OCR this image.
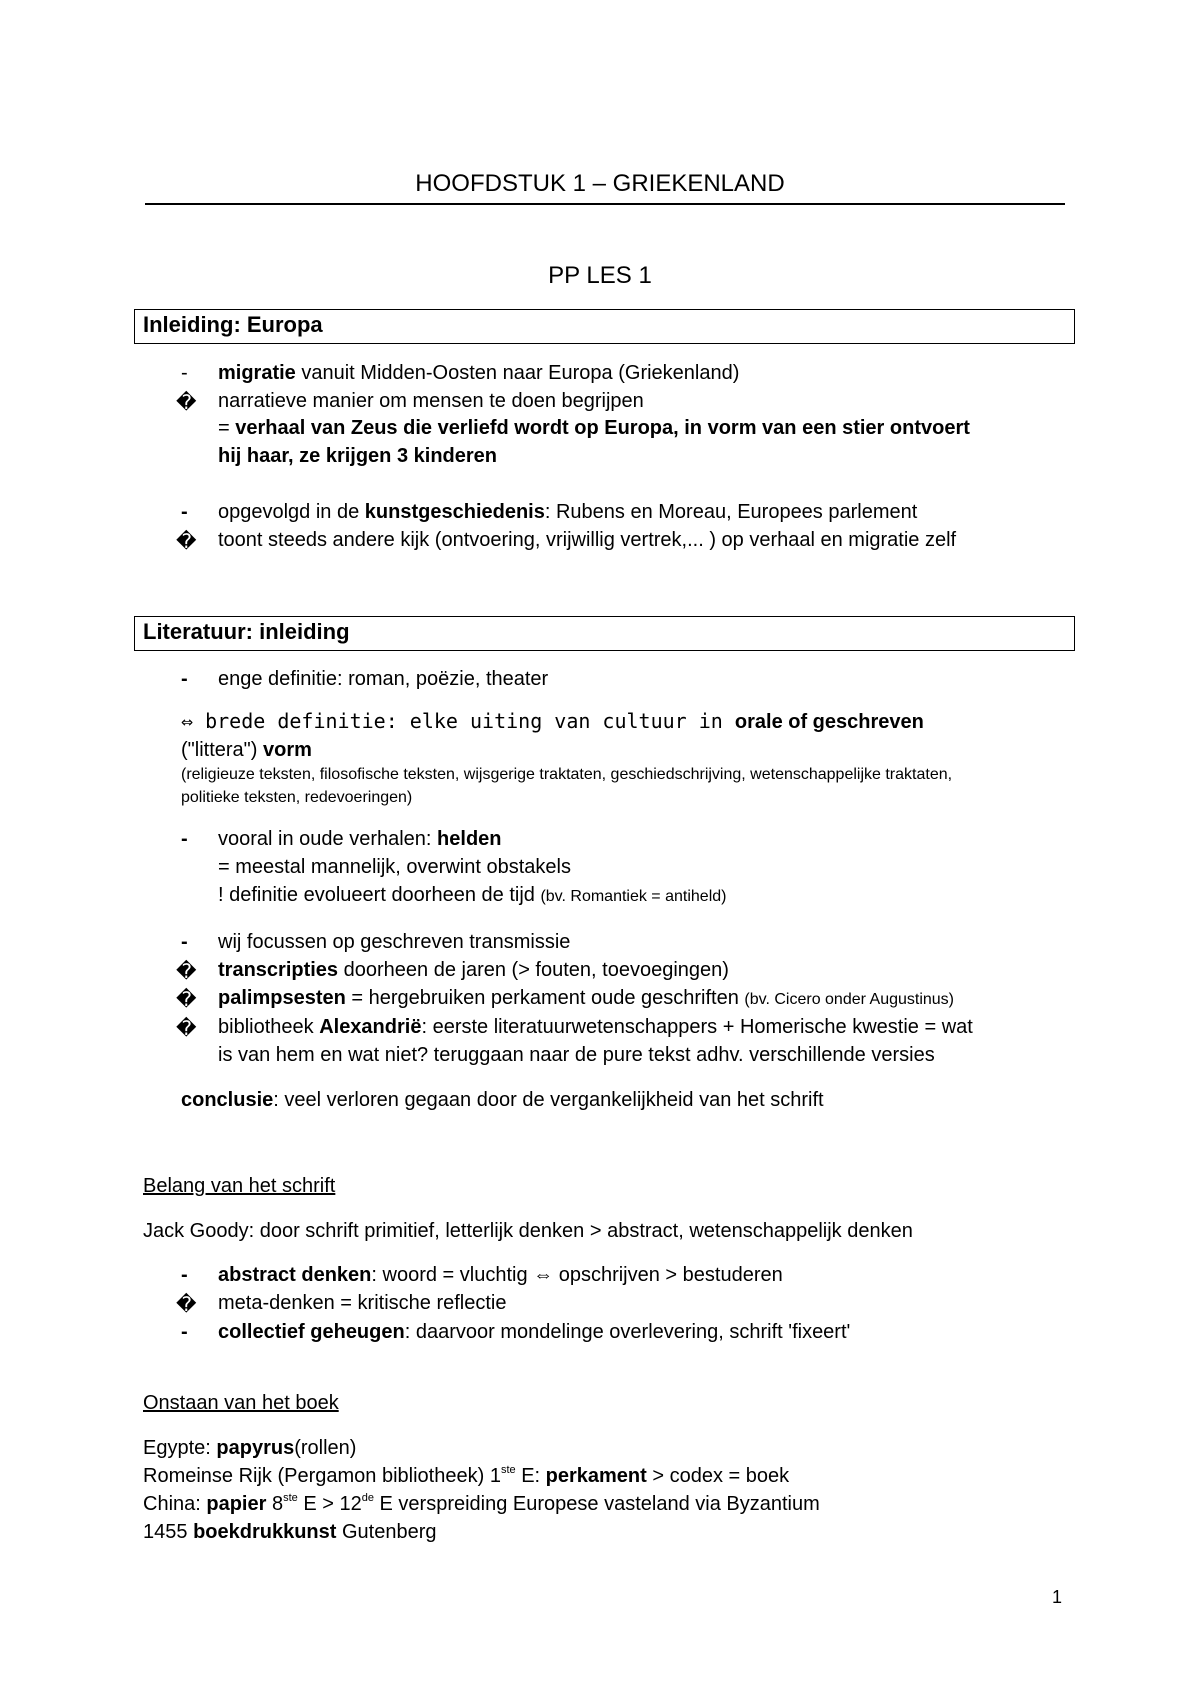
HOOFDSTUK 1 – GRIEKENLAND
PP LES 1
Inleiding: Europa
-	migratie vanuit Midden-Oosten naar Europa (Griekenland)
�	narratieve manier om mensen te doen begrijpen
= verhaal van Zeus die verliefd wordt op Europa, in vorm van een stier ontvoert
hij haar, ze krijgen 3 kinderen
-	opgevolgd in de kunstgeschiedenis: Rubens en Moreau, Europees parlement
�	toont steeds andere kijk (ontvoering, vrijwillig vertrek,... ) op verhaal en migratie zelf
Literatuur: inleiding
-	enge definitie: roman, poëzie, theater
⇔ brede definitie: elke uiting van cultuur in orale of geschreven
("littera") vorm
(religieuze teksten, filosofische teksten, wijsgerige traktaten, geschiedschrijving, wetenschappelijke traktaten,
politieke teksten, redevoeringen)
-	vooral in oude verhalen: helden
= meestal mannelijk, overwint obstakels
! definitie evolueert doorheen de tijd (bv. Romantiek = antiheld)
-	wij focussen op geschreven transmissie
�	transcripties doorheen de jaren (> fouten, toevoegingen)
�	palimpsesten = hergebruiken perkament oude geschriften (bv. Cicero onder Augustinus)
�	bibliotheek Alexandrië: eerste literatuurwetenschappers + Homerische kwestie = wat
is van hem en wat niet? teruggaan naar de pure tekst adhv. verschillende versies
conclusie: veel verloren gegaan door de vergankelijkheid van het schrift
Belang van het schrift
Jack Goody: door schrift primitief, letterlijk denken > abstract, wetenschappelijk denken
-	abstract denken: woord = vluchtig ⇔ opschrijven > bestuderen
�	meta-denken = kritische reflectie
-	collectief geheugen: daarvoor mondelinge overlevering, schrift 'fixeert'
Onstaan van het boek
Egypte: papyrus(rollen)
Romeinse Rijk (Pergamon bibliotheek) 1ste E: perkament > codex = boek
China: papier 8ste E > 12de E verspreiding Europese vasteland via Byzantium
1455 boekdrukkunst Gutenberg
1
